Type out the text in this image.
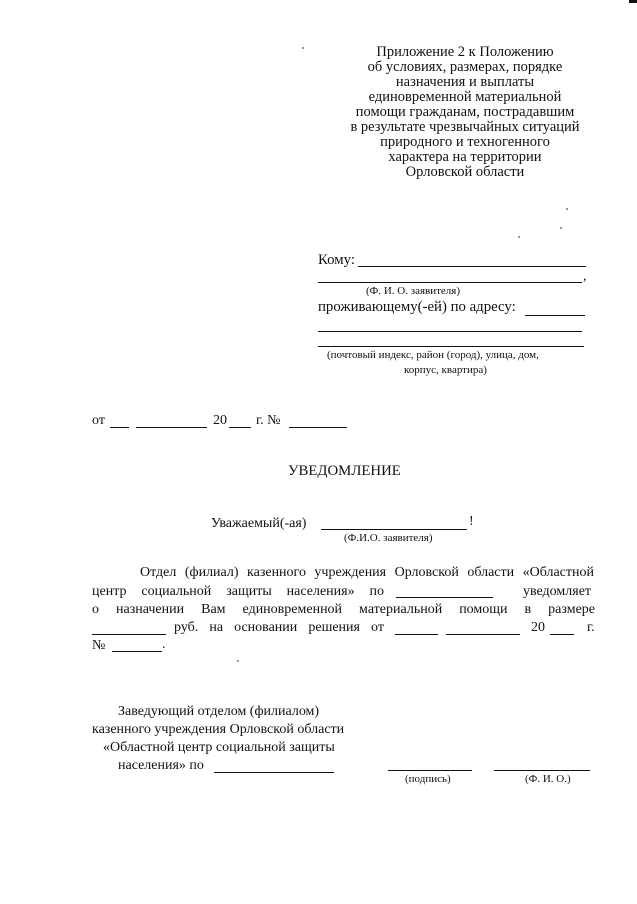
Приложение 2 к Положению
об условиях, размерах, порядке
назначения и выплаты
единовременной материальной
помощи гражданам, пострадавшим
в результате чрезвычайных ситуаций
природного и техногенного
характера на территории
Орловской области
Кому:
,
(Ф. И. О. заявителя)
проживающему(-ей) по адресу:
(почтовый индекс, район (город), улица, дом,
корпус, квартира)
от	20 г. №
УВЕДОМЛЕНИЕ
Уважаемый(-ая)	!
(Ф.И.О. заявителя)
Отдел (филиал) казенного учреждения Орловской области «Областной
центр социальной защиты населения» по	уведомляет
о назначении Вам единовременной материальной помощи в размере
руб. на основании решения от	20	г.
№	.
Заведующий отделом (филиалом)
казенного учреждения Орловской области
«Областной центр социальной защиты
населения» по
(подпись)	(Ф. И. О.)
